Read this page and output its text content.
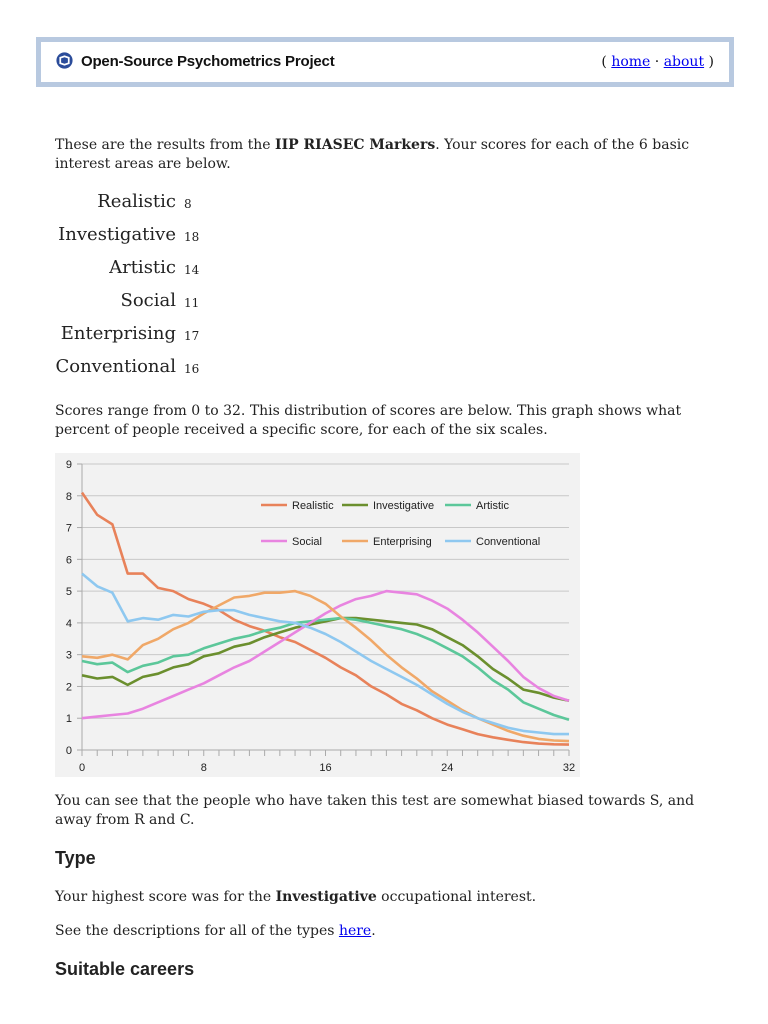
Open-Source Psychometrics Project	( home · about )
These are the results from the IIP RIASEC Markers. Your scores for each of the 6 basic interest areas are below.
Realistic 8
Investigative 18
Artistic 14
Social 11
Enterprising 17
Conventional 16
Scores range from 0 to 32. This distribution of scores are below. This graph shows what percent of people received a specific score, for each of the six scales.
0
1
2
3
4
5
6
7
8
9
0	8	16	24	32
Realistic	Investigative	Artistic
Social	Enterprising	Conventional
You can see that the people who have taken this test are somewhat biased towards S, and away from R and C.
Type
Your highest score was for the Investigative occupational interest.
See the descriptions for all of the types here.
Suitable careers
